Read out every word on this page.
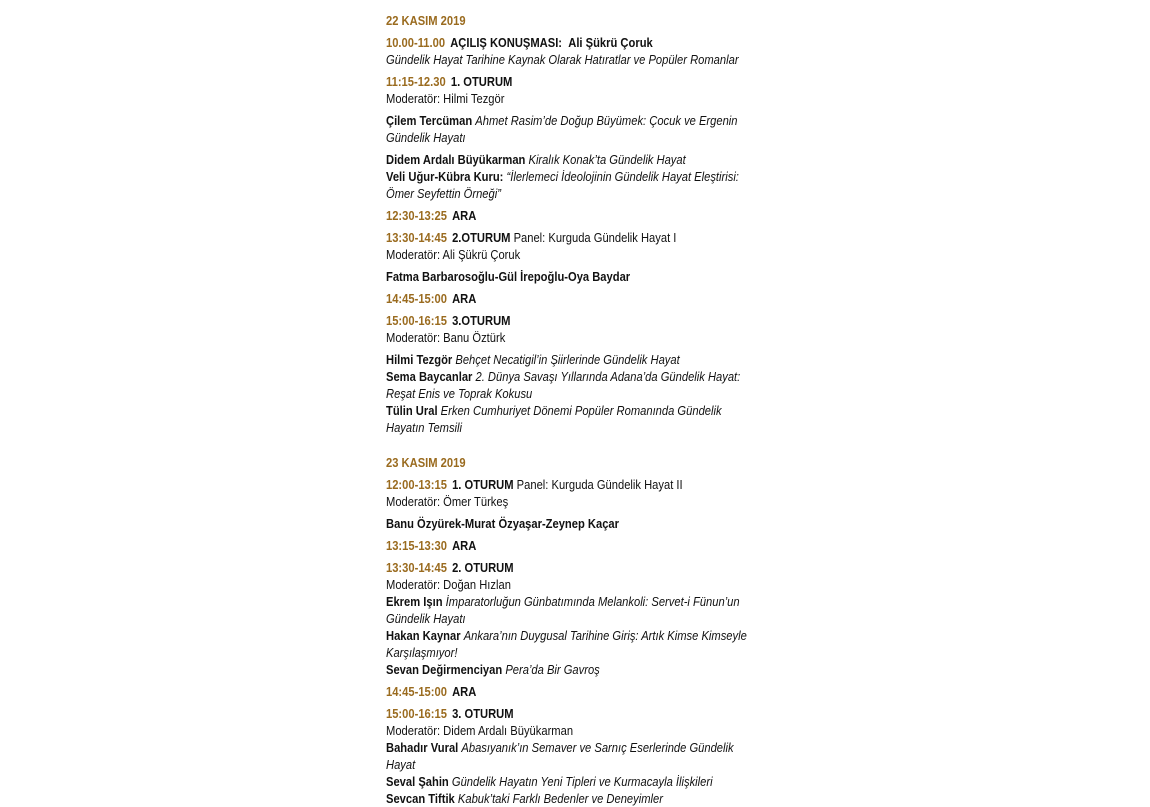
22 KASIM 2019
10.00-11.00 AÇILIŞ KONUŞMASI: Ali Şükrü Çoruk
Gündelik Hayat Tarihine Kaynak Olarak Hatıratlar ve Popüler Romanlar
11:15-12.30 1. OTURUM
Moderatör: Hilmi Tezgör
Çilem Tercüman Ahmet Rasim’de Doğup Büyümek: Çocuk ve Ergenin
Gündelik Hayatı
Didem Ardalı Büyükarman Kiralık Konak’ta Gündelik Hayat
Veli Uğur-Kübra Kuru: “İlerlemeci İdeolojinin Gündelik Hayat Eleştirisi:
Ömer Seyfettin Örneği”
12:30-13:25 ARA
13:30-14:45 2.OTURUM Panel: Kurguda Gündelik Hayat I
Moderatör: Ali Şükrü Çoruk
Fatma Barbarosoğlu-Gül İrepoğlu-Oya Baydar
14:45-15:00 ARA
15:00-16:15 3.OTURUM
Moderatör: Banu Öztürk
Hilmi Tezgör Behçet Necatigil’in Şiirlerinde Gündelik Hayat
Sema Baycanlar 2. Dünya Savaşı Yıllarında Adana’da Gündelik Hayat:
Reşat Enis ve Toprak Kokusu
Tülin Ural Erken Cumhuriyet Dönemi Popüler Romanında Gündelik
Hayatın Temsili
23 KASIM 2019
12:00-13:15 1. OTURUM Panel: Kurguda Gündelik Hayat II
Moderatör: Ömer Türkeş
Banu Özyürek-Murat Özyaşar-Zeynep Kaçar
13:15-13:30 ARA
13:30-14:45 2. OTURUM
Moderatör: Doğan Hızlan
Ekrem Işın İmparatorluğun Günbatımında Melankoli: Servet-i Fünun’un
Gündelik Hayatı
Hakan Kaynar Ankara’nın Duygusal Tarihine Giriş: Artık Kimse Kimseyle
Karşılaşmıyor!
Sevan Değirmenciyan Pera’da Bir Gavroş
14:45-15:00 ARA
15:00-16:15 3. OTURUM
Moderatör: Didem Ardalı Büyükarman
Bahadır Vural Abasıyanık’ın Semaver ve Sarnıç Eserlerinde Gündelik
Hayat
Seval Şahin Gündelik Hayatın Yeni Tipleri ve Kurmacayla İlişkileri
Sevcan Tiftik Kabuk’taki Farklı Bedenler ve Deneyimler
